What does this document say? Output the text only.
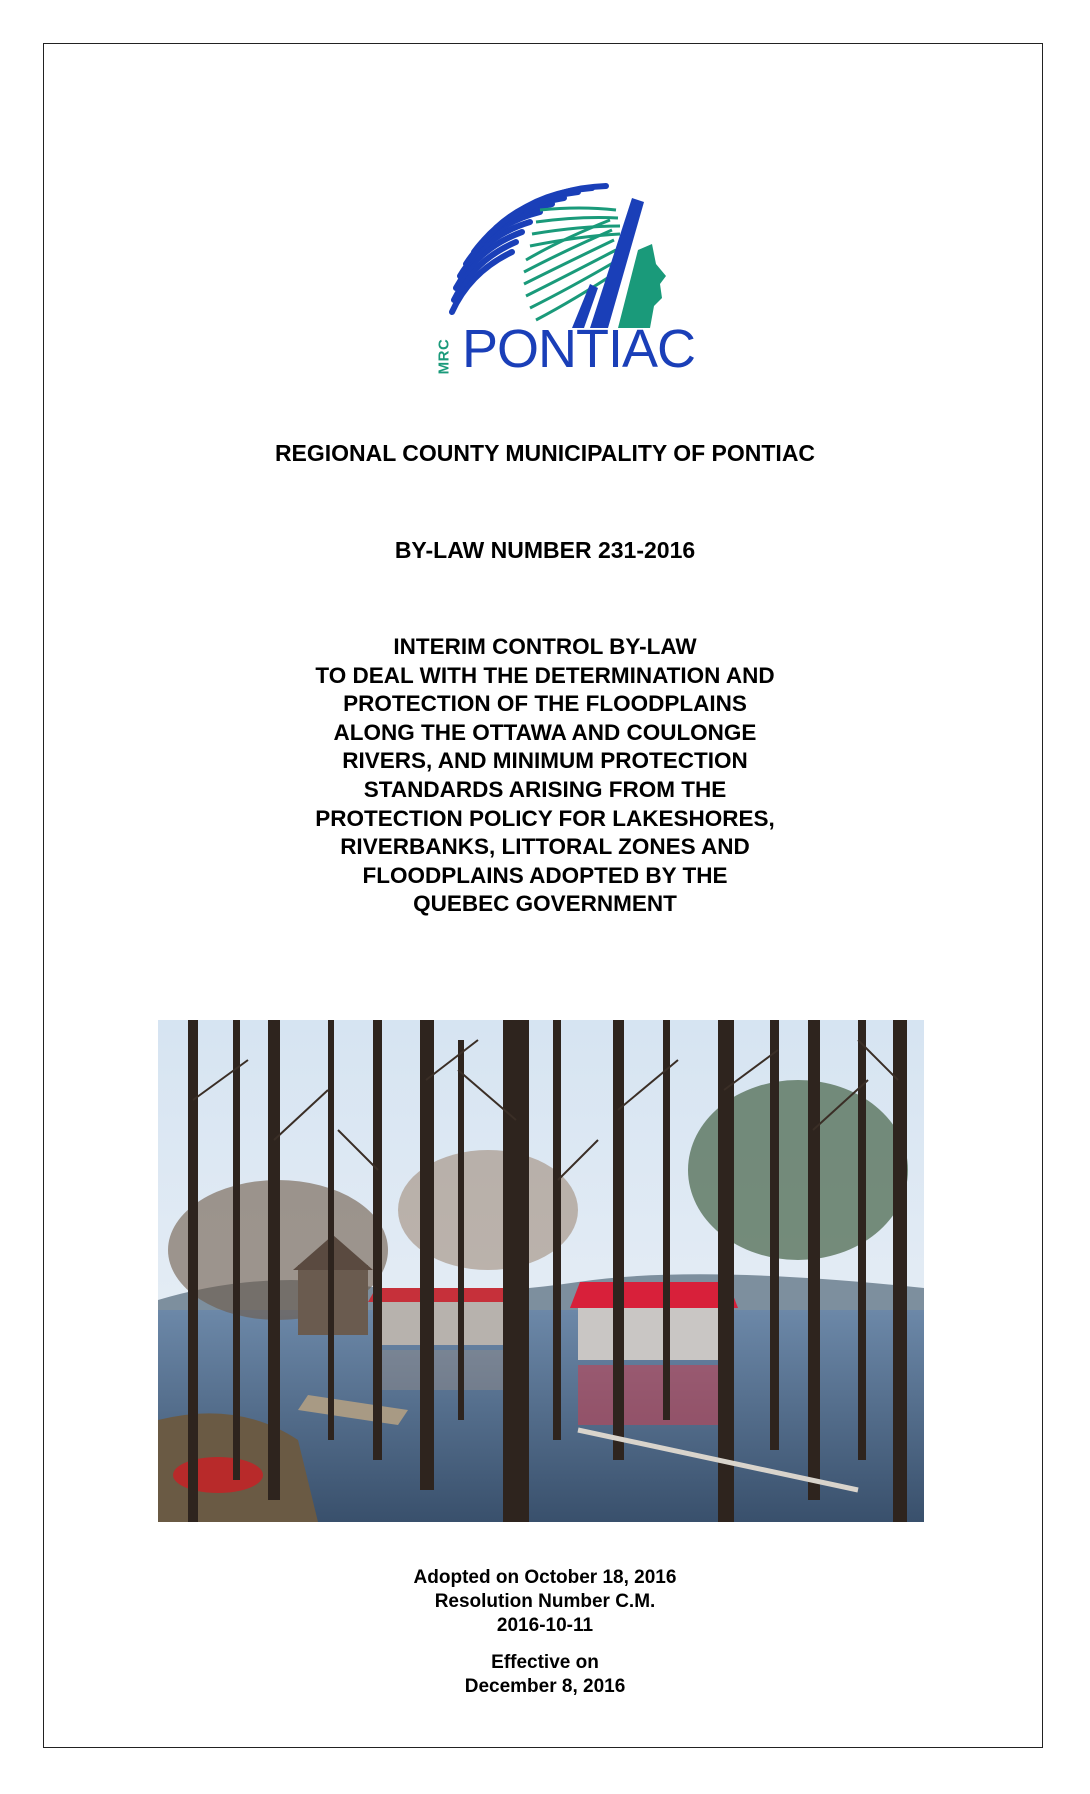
MRC PONTIAC
REGIONAL COUNTY MUNICIPALITY OF PONTIAC
BY-LAW NUMBER 231-2016
INTERIM CONTROL BY-LAW
TO DEAL WITH THE DETERMINATION AND
PROTECTION OF THE FLOODPLAINS
ALONG THE OTTAWA AND COULONGE
RIVERS, AND MINIMUM PROTECTION
STANDARDS ARISING FROM THE
PROTECTION POLICY FOR LAKESHORES,
RIVERBANKS, LITTORAL ZONES AND
FLOODPLAINS ADOPTED BY THE
QUEBEC GOVERNMENT
Adopted on October 18, 2016
Resolution Number C.M.
2016-10-11
Effective on
December 8, 2016
